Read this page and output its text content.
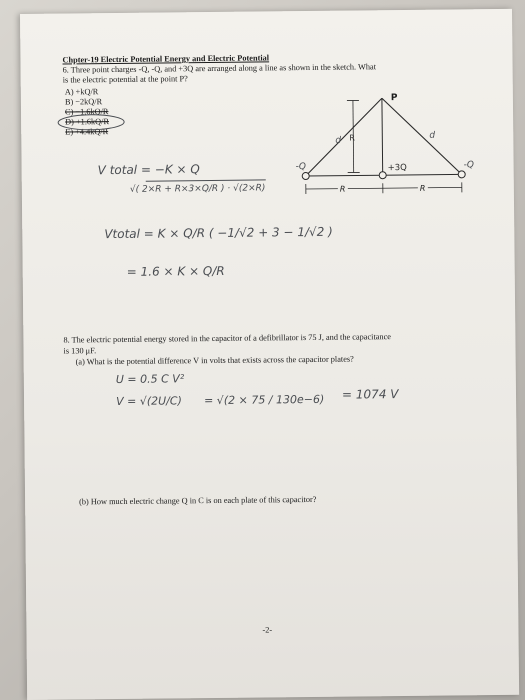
Chpter-19 Electric Potential Energy and Electric Potential
6. Three point charges -Q, -Q, and +3Q are arranged along a line as shown in the sketch. What
is the electric potential at the point P?
A) +kQ/R
B) −2kQ/R
C) −1.6kQ/R
D) +1.6kQ/R
E) +4.4kQ/R
R
P
-Q	+3Q	-Q
d	d
R	R
V total = −K × Q
√( 2×R + R×3×Q/R ) · √(2×R)
Vtotal = K × Q/R ( −1/√2 + 3 − 1/√2 )
= 1.6 × K × Q/R
8. The electric potential energy stored in the capacitor of a defibrillator is 75 J, and the capacitance
is 130 μF.
(a) What is the potential difference V in volts that exists across the capacitor plates?
U = 0.5 C V²
V = √(2U/C) = √(2 × 75 / 130e−6) = 1074 V
(b) How much electric change Q in C is on each plate of this capacitor?
-2-
